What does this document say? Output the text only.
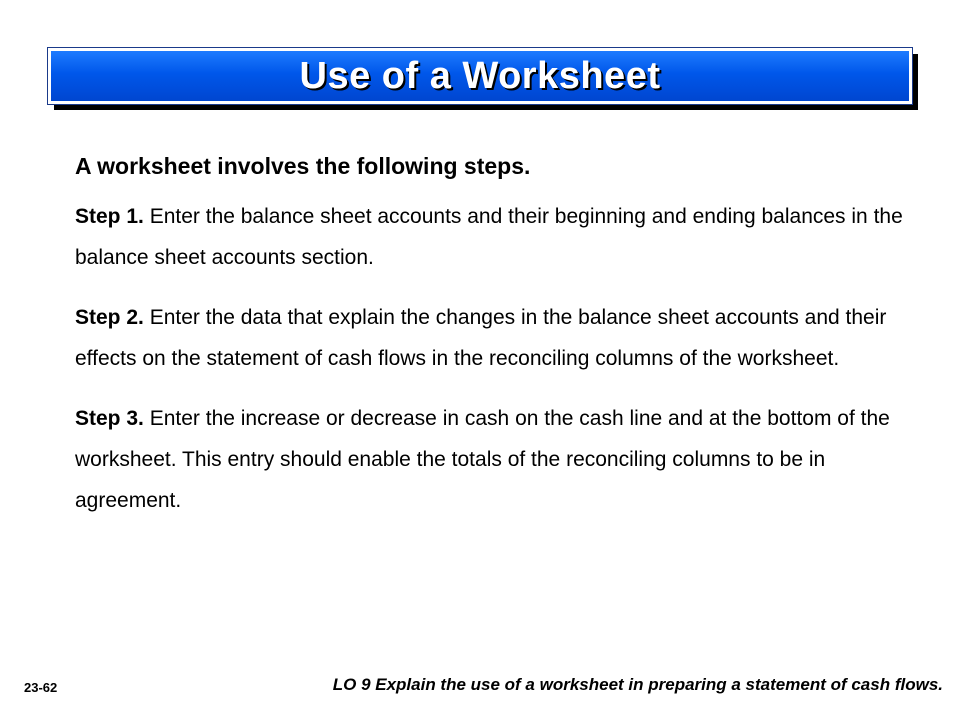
Use of a Worksheet

A worksheet involves the following steps.

Step 1. Enter the balance sheet accounts and their beginning and ending balances in the balance sheet accounts section.

Step 2. Enter the data that explain the changes in the balance sheet accounts and their effects on the statement of cash flows in the reconciling columns of the worksheet.

Step 3. Enter the increase or decrease in cash on the cash line and at the bottom of the worksheet. This entry should enable the totals of the reconciling columns to be in agreement.

23-62	LO 9 Explain the use of a worksheet in preparing a statement of cash flows.
